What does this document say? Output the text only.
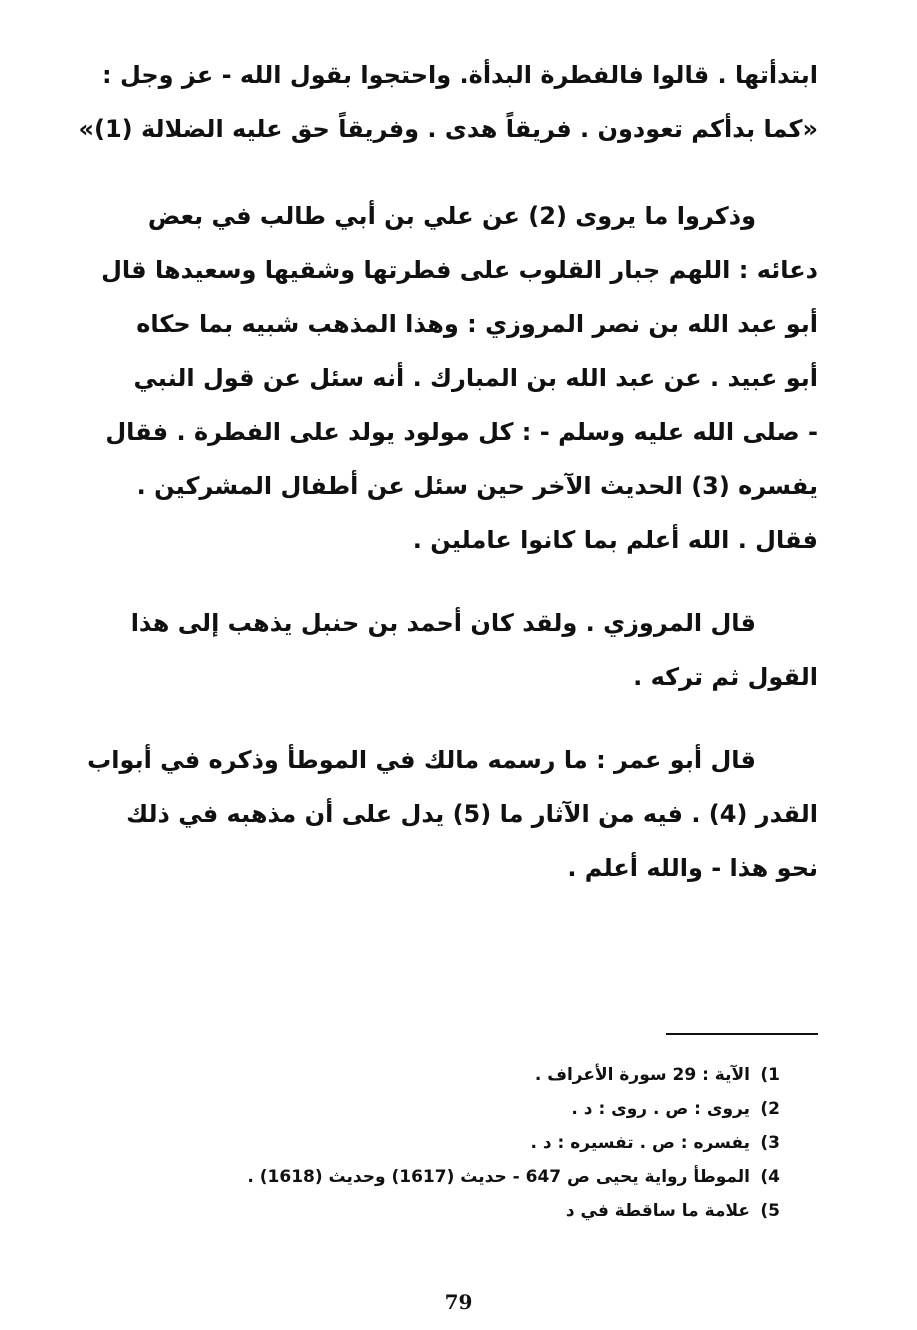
ابتدأتها . قالوا فالفطرة البدأة. واحتجوا بقول الله - عز وجل :
«كما بدأكم تعودون . فريقاً هدى . وفريقاً حق عليه الضلالة (1)»
وذكروا ما يروى (2) عن علي بن أبي طالب في بعض
دعائه : اللهم جبار القلوب على فطرتها وشقيها وسعيدها قال
أبو عبد الله بن نصر المروزي : وهذا المذهب شبيه بما حكاه
أبو عبيد . عن عبد الله بن المبارك . أنه سئل عن قول النبي
- صلى الله عليه وسلم - : كل مولود يولد على الفطرة . فقال
يفسره (3) الحديث الآخر حين سئل عن أطفال المشركين .
فقال . الله أعلم بما كانوا عاملين .
قال المروزي . ولقد كان أحمد بن حنبل يذهب إلى هذا
القول ثم تركه .
قال أبو عمر : ما رسمه مالك في الموطأ وذكره في أبواب
القدر (4) . فيه من الآثار ما (5) يدل على أن مذهبه في ذلك
نحو هذا - والله أعلم .
1)
الآية : 29 سورة الأعراف .
2)
يروى : ص . روى : د .
3)
يفسره : ص . تفسيره : د .
4)
الموطأ رواية يحيى ص 647 - حديث (1617) وحديث (1618) .
5)
علامة ما ساقطة في د
79
